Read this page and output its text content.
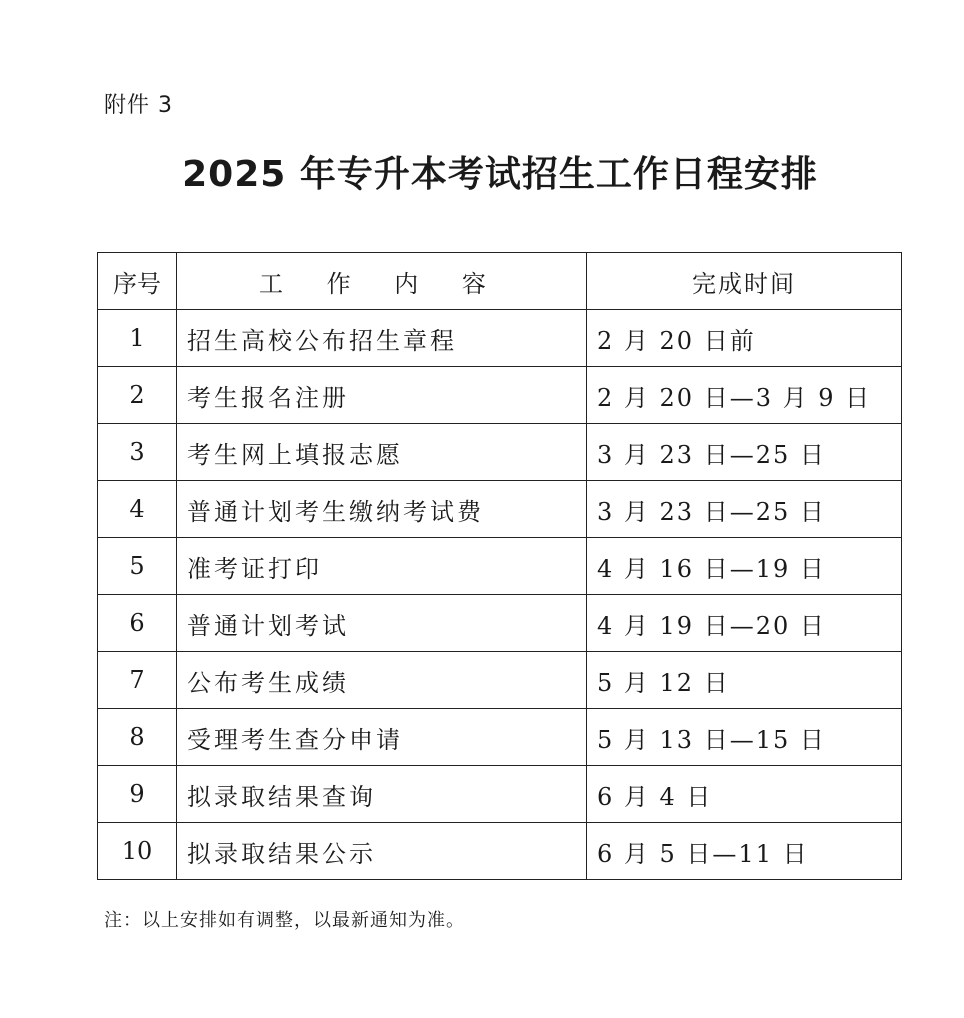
附件 3
2025 年专升本考试招生工作日程安排
序号	工 作 内 容	完成时间
1	招生高校公布招生章程	2 月 20 日前
2	考生报名注册	2 月 20 日—3 月 9 日
3	考生网上填报志愿	3 月 23 日—25 日
4	普通计划考生缴纳考试费	3 月 23 日—25 日
5	准考证打印	4 月 16 日—19 日
6	普通计划考试	4 月 19 日—20 日
7	公布考生成绩	5 月 12 日
8	受理考生查分申请	5 月 13 日—15 日
9	拟录取结果查询	6 月 4 日
10	拟录取结果公示	6 月 5 日—11 日
注：以上安排如有调整，以最新通知为准。
